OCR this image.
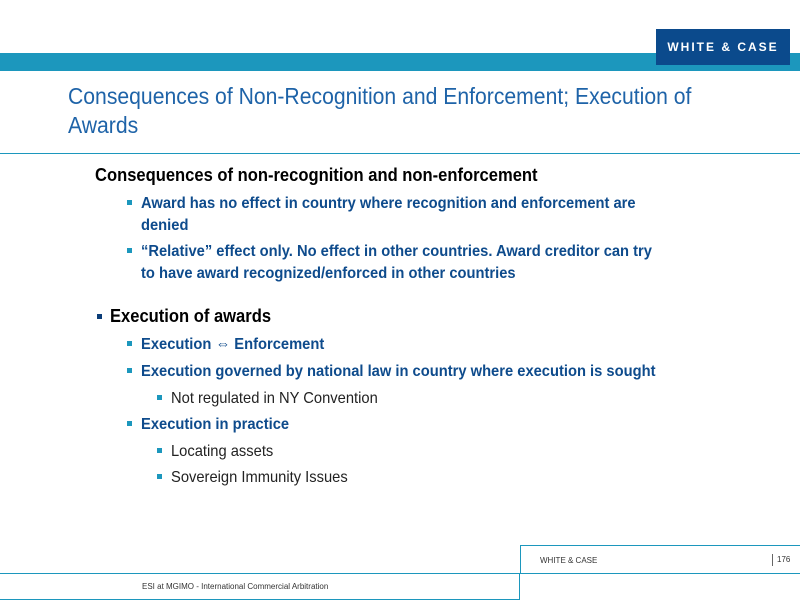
WHITE & CASE
Consequences of Non-Recognition and Enforcement; Execution of
Awards
Consequences of non-recognition and non-enforcement
Award has no effect in country where recognition and enforcement are
denied
“Relative” effect only. No effect in other countries. Award creditor can try
to have award recognized/enforced in other countries
Execution of awards
Execution ⇔ Enforcement
Execution governed by national law in country where execution is sought
Not regulated in NY Convention
Execution in practice
Locating assets
Sovereign Immunity Issues
WHITE & CASE	176
ESI at MGIMO - International Commercial Arbitration
